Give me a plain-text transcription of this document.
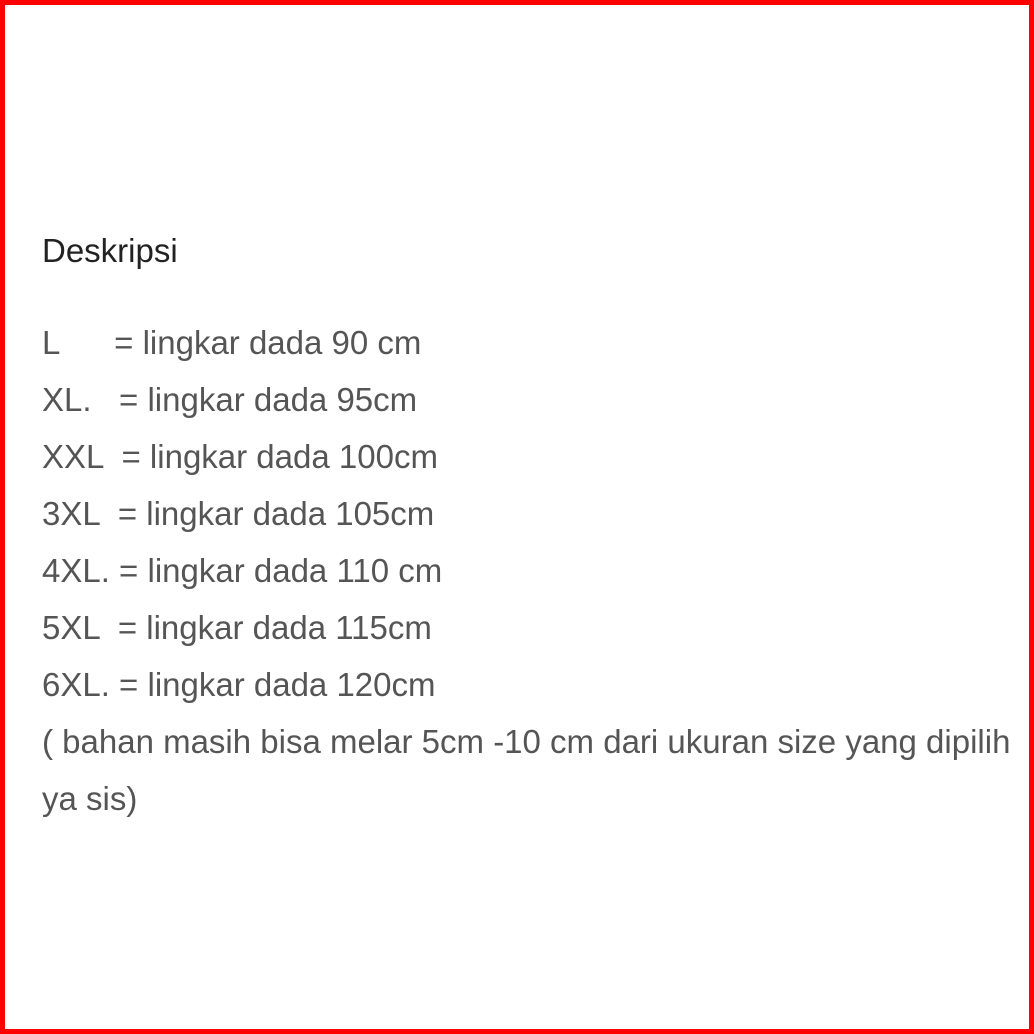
Deskripsi
L      = lingkar dada 90 cm
XL.   = lingkar dada 95cm
XXL  = lingkar dada 100cm
3XL  = lingkar dada 105cm
4XL. = lingkar dada 110 cm
5XL  = lingkar dada 115cm
6XL. = lingkar dada 120cm
( bahan masih bisa melar 5cm -10 cm dari ukuran size yang dipilih ya sis)
